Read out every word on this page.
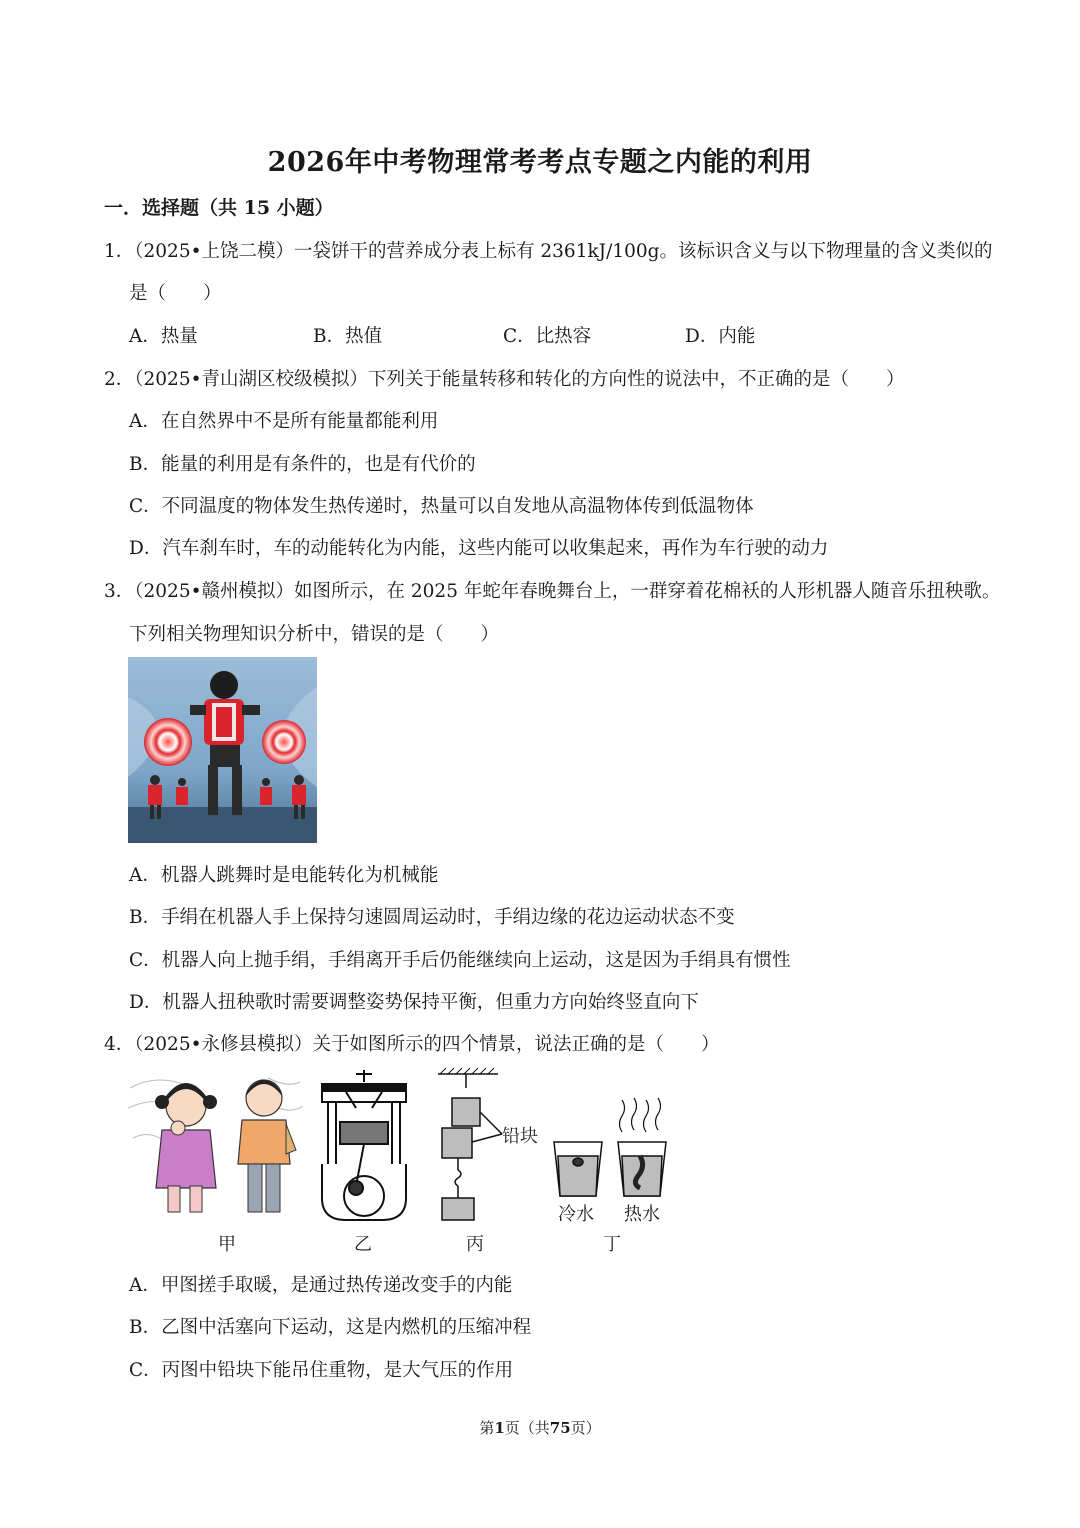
2026年中考物理常考考点专题之内能的利用
一．选择题（共 15 小题）
1．（2025•上饶二模）一袋饼干的营养成分表上标有 2361kJ/100g。该标识含义与以下物理量的含义类似的
是（　　）
A．热量	B．热值	C．比热容	D．内能
2．（2025•青山湖区校级模拟）下列关于能量转移和转化的方向性的说法中，不正确的是（　　）
A．在自然界中不是所有能量都能利用
B．能量的利用是有条件的，也是有代价的
C．不同温度的物体发生热传递时，热量可以自发地从高温物体传到低温物体
D．汽车刹车时，车的动能转化为内能，这些内能可以收集起来，再作为车行驶的动力
3．（2025•赣州模拟）如图所示，在 2025 年蛇年春晚舞台上，一群穿着花棉袄的人形机器人随音乐扭秧歌。
下列相关物理知识分析中，错误的是（　　）
A．机器人跳舞时是电能转化为机械能
B．手绢在机器人手上保持匀速圆周运动时，手绢边缘的花边运动状态不变
C．机器人向上抛手绢，手绢离开手后仍能继续向上运动，这是因为手绢具有惯性
D．机器人扭秧歌时需要调整姿势保持平衡，但重力方向始终竖直向下
4．（2025•永修县模拟）关于如图所示的四个情景，说法正确的是（　　）
铅块
冷水 热水
甲	乙	丙	丁
A．甲图搓手取暖，是通过热传递改变手的内能
B．乙图中活塞向下运动，这是内燃机的压缩冲程
C．丙图中铅块下能吊住重物，是大气压的作用
第1页（共75页）
